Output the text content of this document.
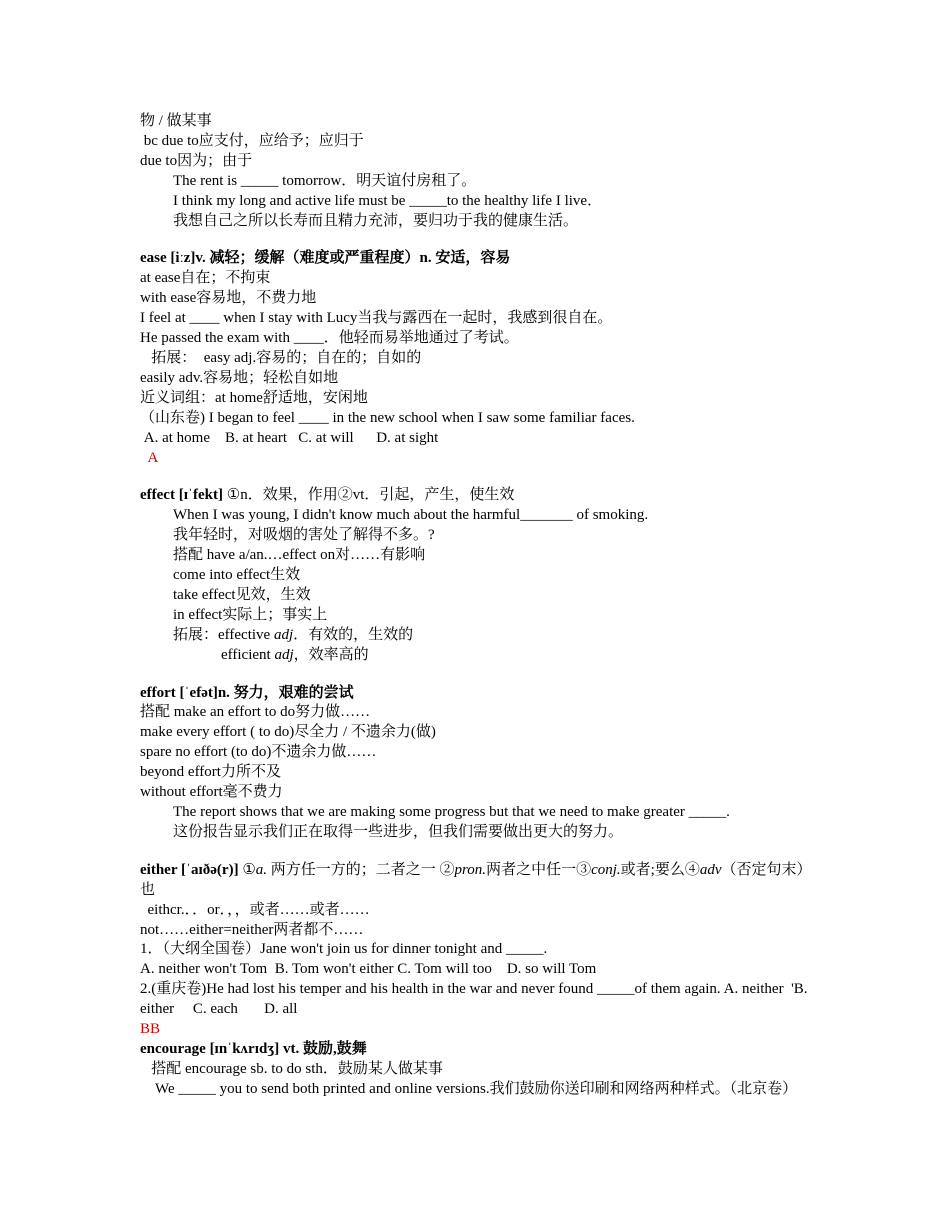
物 / 做某事
bc due to应支付，应给予；应归于
due to因为；由于
The rent is _____ tomorrow．明天谊付房租了。
I think my long and active life must be _____to the healthy life I live．
我想自己之所以长寿而且精力充沛，要归功于我的健康生活。
ease [iːz]v. 减轻；缓解（难度或严重程度）n. 安适，容易
at ease自在；不拘束
with ease容易地，不费力地
I feel at ____ when I stay with Lucy当我与露西在一起时，我感到很自在。
He passed the exam with ____．他轻而易举地通过了考试。
拓展：  easy adj.容易的；自在的；自如的
easily adv.容易地；轻松自如地
近义词组：at home舒适地，安闲地
（山东卷) I began to feel ____ in the new school when I saw some familiar faces.
A. at home    B. at heart   C. at will      D. at sight
A
effect [ɪˈfekt] ①n．效果，作用②vt．引起，产生，使生效
When I was young, I didn't know much about the harmful_______ of smoking.
我年轻时，对吸烟的害处了解得不多。?
搭配 have a/an.…effect on对……有影响
come into effect生效
take effect见效，生效
in effect实际上；事实上
拓展：effective adj．有效的，生效的
efficient adj，效率高的
effort [ˈefət]n. 努力，艰难的尝试
搭配 make an effort to do努力做……
make every effort ( to do)尽全力 / 不遗余力(做)
spare no effort (to do)不遗余力做……
beyond effort力所不及
without effort毫不费力
The report shows that we are making some progress but that we need to make greater _____.
这份报告显示我们正在取得一些进步，但我们需要做出更大的努力。
either [ˈaɪðə(r)] ①a. 两方任一方的；二者之一 ②pron.两者之中任一③conj.或者;要么④adv（否定句末）也
eithcr.．．or．，，或者……或者……
not……either=neither两者都不……
1．（大纲全国卷）Jane won't join us for dinner tonight and _____.
A. neither won't Tom  B. Tom won't either C. Tom will too    D. so will Tom
2.(重庆卷)He had lost his temper and his health in the war and never found _____of them again. A. neither  'B. either     C. each       D. all
BB
encourage [ɪnˈkʌrɪdʒ] vt. 鼓励,鼓舞
搭配 encourage sb. to do sth．鼓励某人做某事
We _____ you to send both printed and online versions.我们鼓励你送印刷和网络两种样式。（北京卷）
